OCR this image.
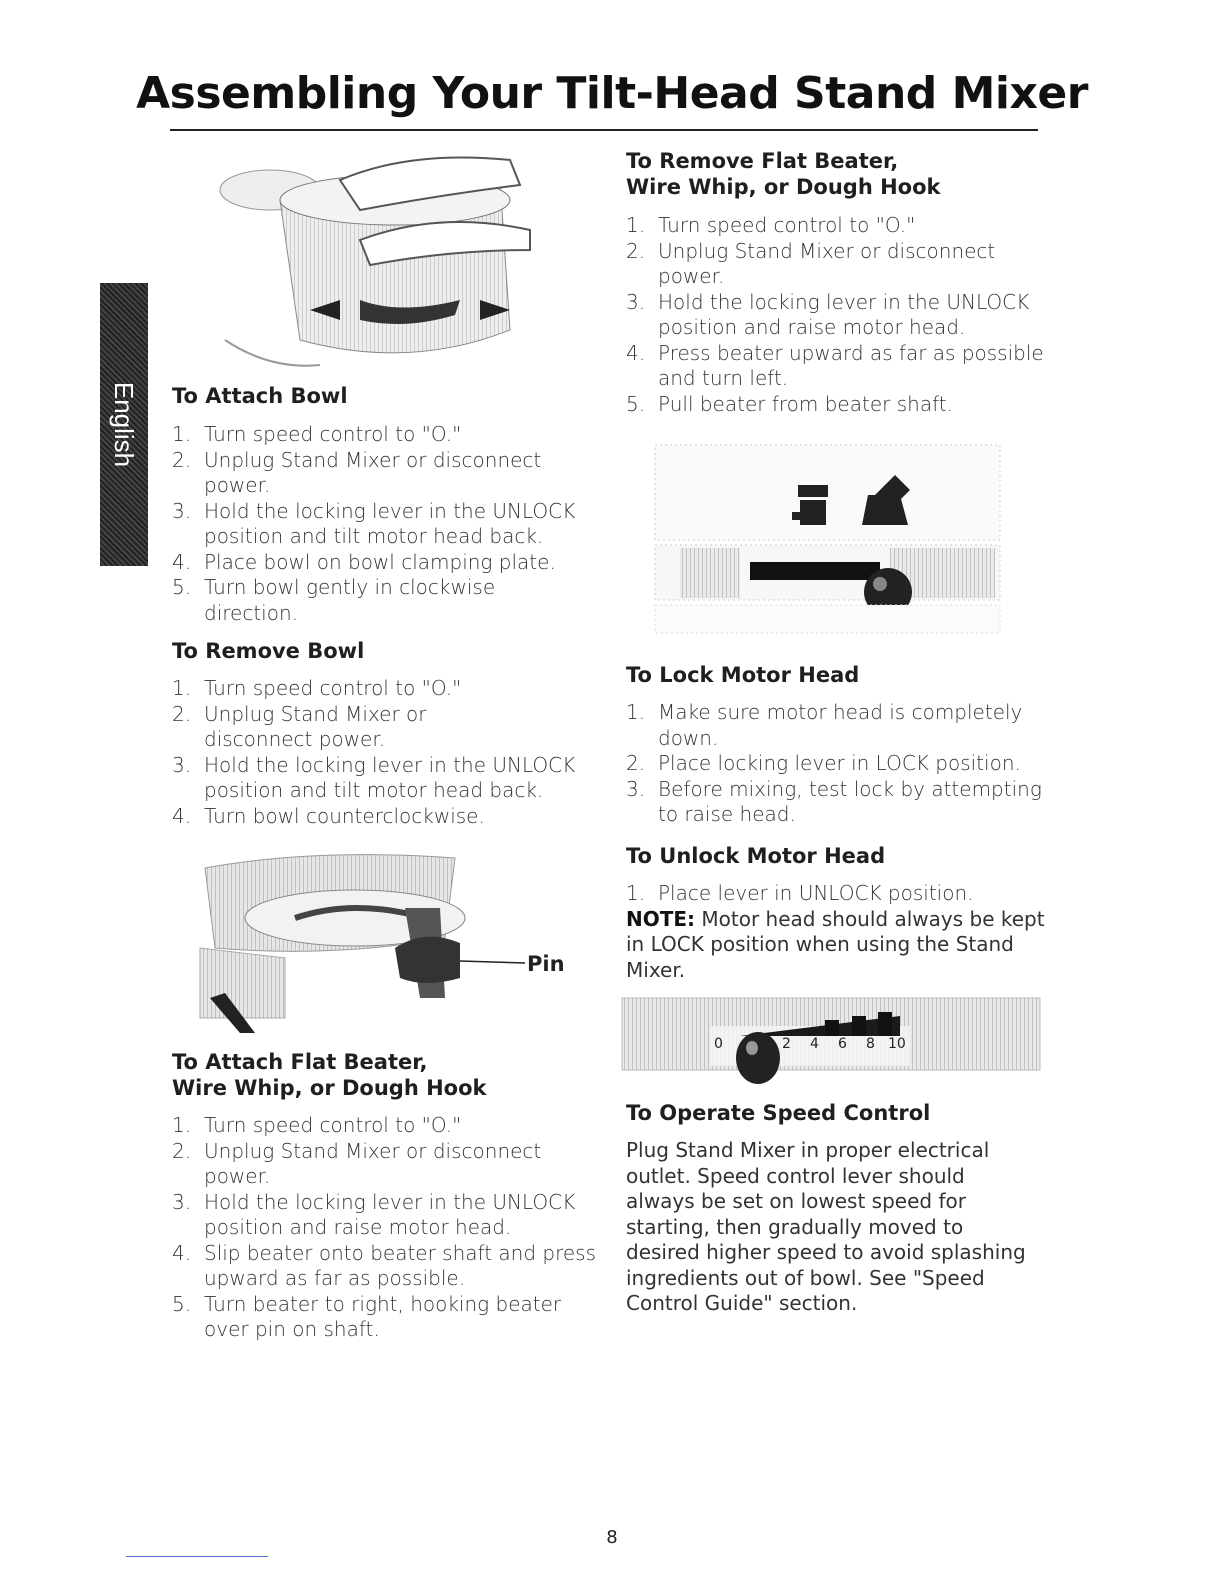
Assembling Your Tilt-Head Stand Mixer
English To Attach Bowl
1. Turn speed control to "O."
2. Unplug Stand Mixer or disconnect power.
3. Hold the locking lever in the UNLOCK position and tilt motor head back.
4. Place bowl on bowl clamping plate.
5. Turn bowl gently in clockwise direction.
To Remove Bowl
1. Turn speed control to "O."
2. Unplug Stand Mixer or disconnect power.
3. Hold the locking lever in the UNLOCK position and tilt motor head back.
4. Turn bowl counterclockwise.
Pin
To Attach Flat Beater,
Wire Whip, or Dough Hook
1. Turn speed control to "O."
2. Unplug Stand Mixer or disconnect power.
3. Hold the locking lever in the UNLOCK position and raise motor head.
4. Slip beater onto beater shaft and press upward as far as possible.
5. Turn beater to right, hooking beater over pin on shaft.
To Remove Flat Beater,
Wire Whip, or Dough Hook
1. Turn speed control to "O."
2. Unplug Stand Mixer or disconnect power.
3. Hold the locking lever in the UNLOCK position and raise motor head.
4. Press beater upward as far as possible and turn left.
5. Pull beater from beater shaft.
To Lock Motor Head
1. Make sure motor head is completely down.
2. Place locking lever in LOCK position.
3. Before mixing, test lock by attempting to raise head.
To Unlock Motor Head
1. Place lever in UNLOCK position.
NOTE: Motor head should always be kept in LOCK position when using the Stand Mixer.
0	2 4 6 8 10
To Operate Speed Control
Plug Stand Mixer in proper electrical outlet. Speed control lever should always be set on lowest speed for starting, then gradually moved to desired higher speed to avoid splashing ingredients out of bowl. See "Speed Control Guide" section.
8
